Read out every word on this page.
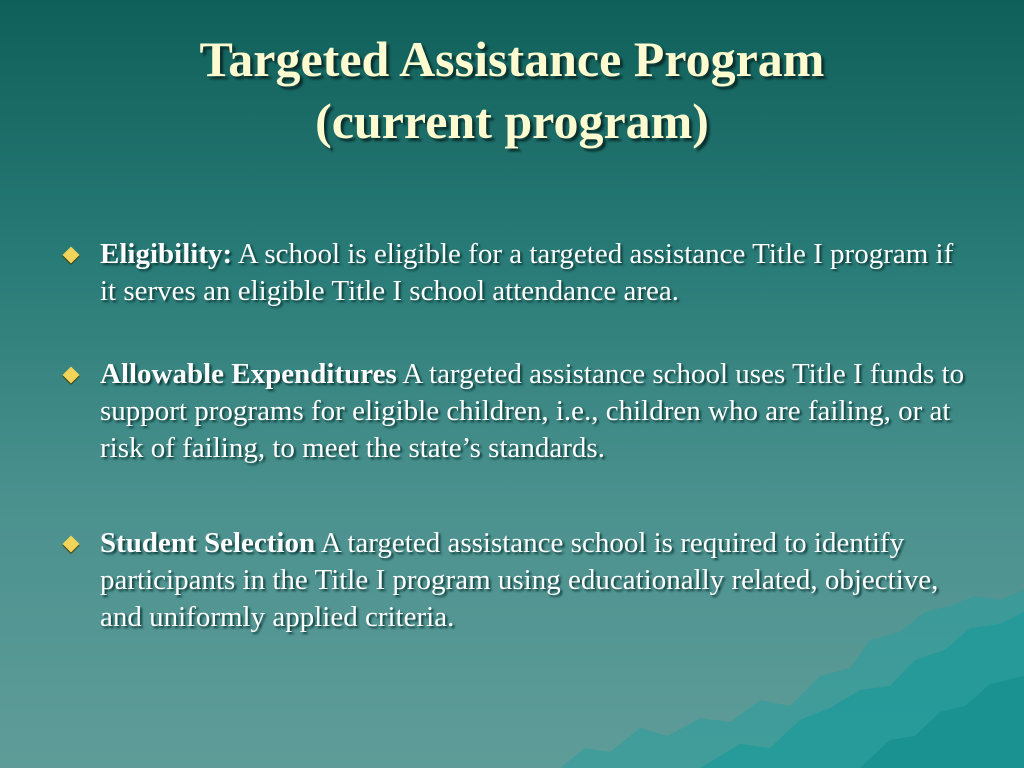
Targeted Assistance Program
(current program)
Eligibility: A school is eligible for a targeted assistance Title I program if it serves an eligible Title I school attendance area.
Allowable Expenditures A targeted assistance school uses Title I funds to support programs for eligible children, i.e., children who are failing, or at risk of failing, to meet the state’s standards.
Student Selection A targeted assistance school is required to identify participants in the Title I program using educationally related, objective, and uniformly applied criteria.
